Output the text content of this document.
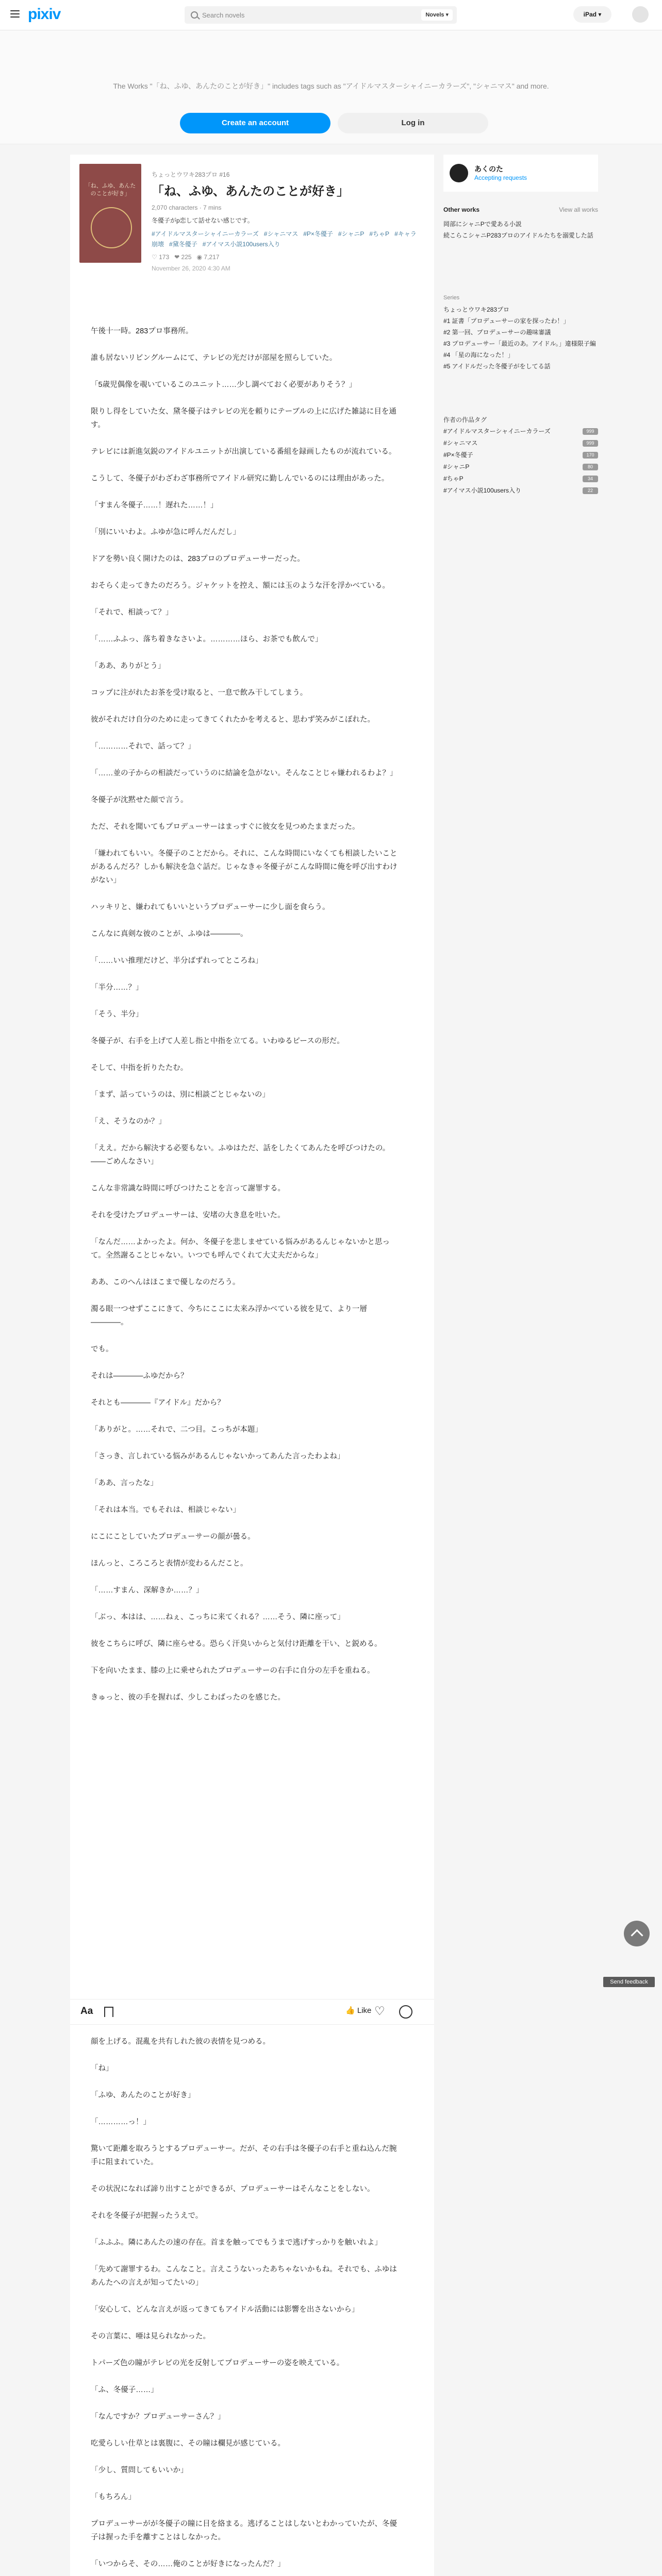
pixiv	Search novels	Novels ▾	iPad ▾
The Works "「ね、ふゆ、あんたのことが好き」" includes tags such as "アイドルマスターシャイニーカラーズ", "シャニマス" and more.
Create an account	Log in
「ね、ふゆ、あんたのことが好き」
ちょっとウワキ283プロ #16
「ね、ふゆ、あんたのことが好き」
2,070 characters · 7 mins
冬優子がp恋して話せない感じです。
#アイドルマスターシャイニーカラーズ #シャニマス #P×冬優子 #シャニP #ちゃP #キャラ崩壊 #黛冬優子 #アイマス小説100users入り
♡ 173 ❤ 225 ◉ 7,217
November 26, 2020 4:30 AM

午後十一時。283プロ事務所。

誰も居ないリビングルームにて、テレビの光だけが部屋を照らしていた。

「5歳児偶像を覗いているこのユニット……少し調べておく必要がありそう？」

限りし得をしていた女、黛冬優子はテレビの光を頼りにテーブルの上に広げた雑誌に目を通す。

テレビには新進気鋭のアイドルユニットが出演している番組を録画したものが流れている。

こうして、冬優子がわざわざ事務所でアイドル研究に勤しんでいるのには理由があった。

「すまん冬優子……！遅れた……！」

「別にいいわよ。ふゆが急に呼んだんだし」

ドアを勢い良く開けたのは、283プロのプロデューサーだった。

おそらく走ってきたのだろう。ジャケットを控え、額には玉のような汗を浮かべている。

「それで、相談って？」

「……ふふっ、落ち着きなさいよ。…………ほら、お茶でも飲んで」

「ああ、ありがとう」

コップに注がれたお茶を受け取ると、一息で飲み干してしまう。

彼がそれだけ自分のために走ってきてくれたかを考えると、思わず笑みがこぼれた。

「…………それで、話って？」

「……並の子からの相談だっていうのに結論を急がない。そんなことじゃ嫌われるわよ？」

冬優子が沈黙せた顔で言う。

ただ、それを聞いてもプロデューサーはまっすぐに彼女を見つめたままだった。

「嫌われてもいい。冬優子のことだから。それに、こんな時間にいなくても相談したいことがあるんだろ？しかも解決を急ぐ話だ。じゃなきゃ冬優子がこんな時間に俺を呼び出すわけがない」

ハッキリと、嫌われてもいいというプロデューサーに少し面を食らう。

こんなに真剣な彼のことが、ふゆは――――。

「……いい推理だけど、半分ばずれってところね」

「半分……？」

「そう、半分」

冬優子が、右手を上げて人差し指と中指を立てる。いわゆるピースの形だ。

そして、中指を折りたたむ。

「まず、話っていうのは、別に相談ごとじゃないの」

「え、そうなのか？」

「ええ。だから解決する必要もない。ふゆはただ、話をしたくてあんたを呼びつけたの。――ごめんなさい」

こんな非常識な時間に呼びつけたことを言って謝罪する。

それを受けたプロデューサーは、安堵の大き息を吐いた。

「なんだ……よかったよ。何か、冬優子を悲しませている悩みがあるんじゃないかと思って。全然謝ることじゃない。いつでも呼んでくれて大丈夫だからな」

ああ、このへんはほこまで優しなのだろう。

濁る眼一つせずここにきて、今ちにここに太来み浮かべている彼を見て、より一層――――。

でも。

それは――――ふゆだから？

それとも――――『アイドル』だから？

「ありがと。……それで、二つ目。こっちが本題」

「さっき、言しれている悩みがあるんじゃないかってあんた言ったわよね」

「ああ、言ったな」

「それは本当。でもそれは、相談じゃない」

にこにことしていたプロデューサーの顔が曇る。

ほんっと、ころころと表情が変わるんだこと。

「……すまん、深解きか……？」

「ぶっ、本はは、……ねぇ、こっちに来てくれる？……そう、隣に座って」

彼をこちらに呼び、隣に座らせる。恐らく汗臭いからと気付け距離を干い、と鋭める。

下を向いたまま、膝の上に乗せられたプロデューサーの右手に自分の左手を重ねる。

きゅっと、彼の手を握れば、少しこわばったのを感じた。

Aa	👍 Like ♡

顔を上げる。混亂を共有しれた彼の表情を見つめる。

「ね」

「ふゆ、あんたのことが好き」

「…………っ！」

驚いて距離を取ろうとするプロデューサー。だが、その右手は冬優子の右手と重ね込んだ腕手に阻まれていた。

その状況になれば諦り出すことができるが、プロデューサーはそんなことをしない。

それを冬優子が把握ったうえで。

「ふふふ。隣にあんたの速の存在。首まを触ってでもうまで逃げすっかりを触いれよ」

「先めて謝罪するわ。こんなこと。言えこうないったあちゃないかもね。それでも、ふゆはあんたへの言えが知ってたいの」

「安心して、どんな言えが返ってきてもアイドル活動には影響を出さないから」

その言葉に、唖は見られなかった。

トパーズ色の瞳がテレビの光を反射してプロデューサーの姿を映えている。

「ふ、冬優子……」

「なんですか？プロデューサーさん？」

吃愛らしい仕草とは裏腹に、その瞳は欄見が感じている。

「少し、質問してもいいか」

「もちろん」

プロデューサーがが冬優子の瞳に目を絡まる。逃げることはしないとわかっていたが、冬優子は握った手を離すことはしなかった。

「いつからそ、その……俺のことが好きになったんだ？」

あくのた
Accepting requests
Other works	View all works
岡部にシャニPで愛ある小説
続こらこシャニP283プロのアイドルたちを溺愛した話
Series
ちょっとウワキ283プロ
#1 証書「プロデューサーの家を探ったわ！」
#2 第一回、プロデューサーの趣味審議
#3 プロデューサー「最近のあ。アイドル。」違様限子編
#4 「星の海になった！」
#5 アイドルだった冬優子がをしてる話
作者の作品タグ
#アイドルマスターシャイニーカラーズ	999
#シャニマス	999
#P×冬優子	170
#シャニP	80
#ちゃP	34
#アイマス小説100users入り	22
Send feedback
